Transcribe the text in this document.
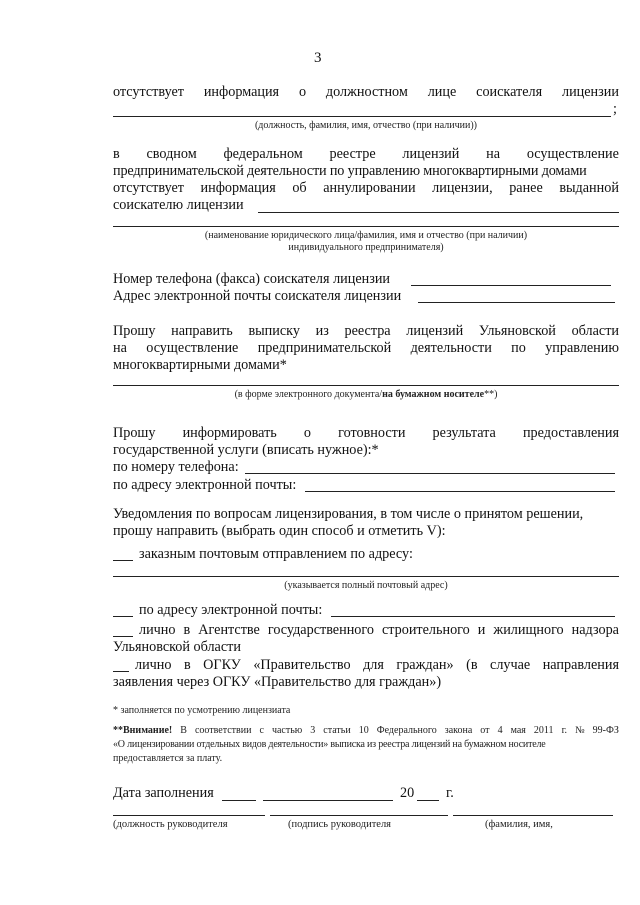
3
отсутствует информация о должностном лице соискателя лицензии
;
(должность, фамилия, имя, отчество (при наличии))
в сводном федеральном реестре лицензий на осуществление
предпринимательской деятельности по управлению многоквартирными домами
отсутствует информация об аннулировании лицензии, ранее выданной
соискателю лицензии
(наименование юридического лица/фамилия, имя и отчество (при наличии)
индивидуального предпринимателя)
Номер телефона (факса) соискателя лицензии
Адрес электронной почты соискателя лицензии
Прошу направить выписку из реестра лицензий Ульяновской области
на осуществление предпринимательской деятельности по управлению
многоквартирными домами*
(в форме электронного документа/на бумажном носителе**)
Прошу информировать о готовности результата предоставления
государственной услуги (вписать нужное):*
по номеру телефона:
по адресу электронной почты:
Уведомления по вопросам лицензирования, в том числе о принятом решении,
прошу направить (выбрать один способ и отметить V):
заказным почтовым отправлением по адресу:
(указывается полный почтовый адрес)
по адресу электронной почты:
лично в Агентстве государственного строительного и жилищного надзора
Ульяновской области
лично в ОГКУ «Правительство для граждан» (в случае направления
заявления через ОГКУ «Правительство для граждан»)
* заполняется по усмотрению лицензиата
**Внимание! В соответствии с частью 3 статьи 10 Федерального закона от 4 мая 2011 г. № 99-ФЗ
«О лицензировании отдельных видов деятельности» выписка из реестра лицензий на бумажном носителе
предоставляется за плату.
Дата заполнения	20 г.
(должность руководителя	(подпись руководителя	(фамилия, имя,
